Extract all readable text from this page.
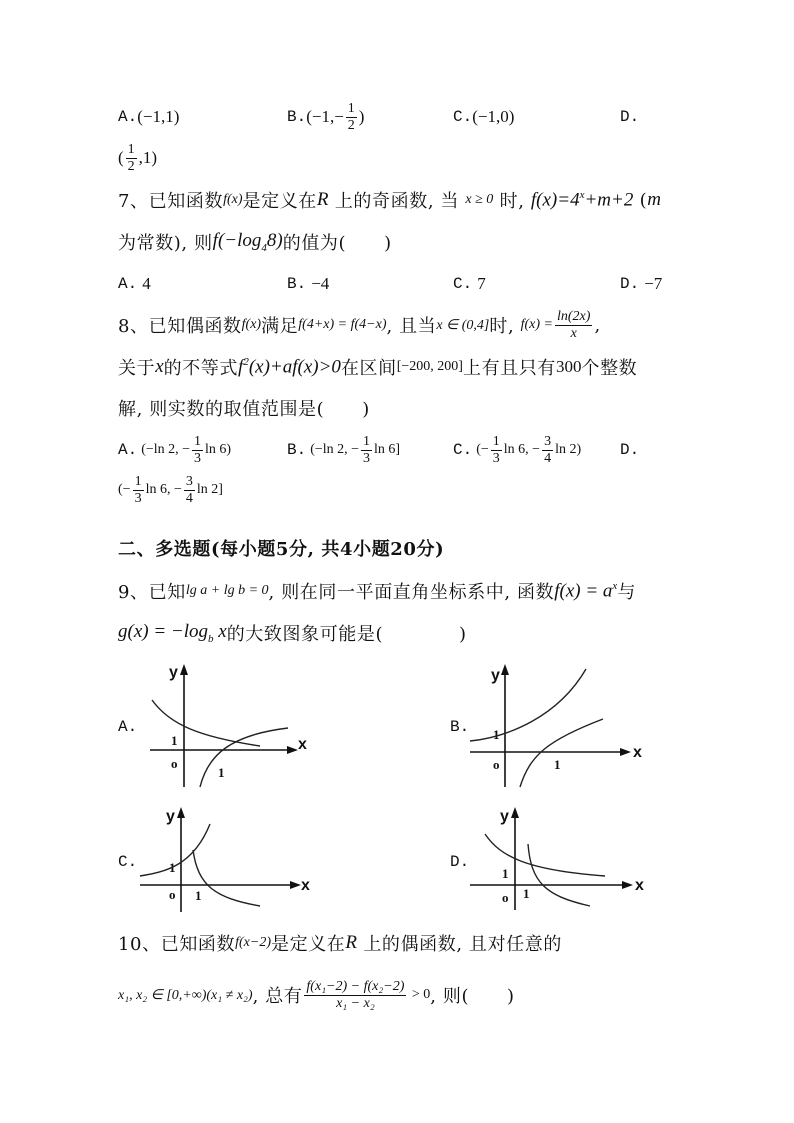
A. (−1,1)	B. ($-1,- \frac{1}{2}$ )	C. (−1,0)	D.
( $\frac{1}{2} ,1$)
7、 已知函数 f(x) 是定义在 R 上的奇函数, 当 x ≥ 0 时, $f(x)=4^x+m+2$ ( m
为常数), 则 $f(-\log_48)$ 的值为(      )
A. 4	B. −4	C. 7	D. −7
8、 已知偶函数 f(x) 满足 f(4+x) = f(4−x) , 且当 x ∈ (0,4] 时, $f(x) = \frac{\ln(2x)}{x}$ ,
关于 x 的不等式 $f^2(x)+af(x)>0$ 在区间 [−200, 200] 上有且只有 300 个整数
解, 则实数的取值范围是(      )
A. (−ln 2, − $\frac{1}{3}$ ln 6)	B. (−ln 2, − $\frac{1}{3}$ ln 6]	C. (− $\frac{1}{3}$ ln 6, − $\frac{3}{4}$ ln 2) D.
(− $\frac{1}{3}$ ln 6, − $\frac{3}{4}$ ln 2]
二、多选题(每小题5分, 共4小题20分)
9、 已知 lg a + lg b = 0 , 则在同一平面直角坐标系中, 函数 $f(x) = a^x$ 与
$g(x) = -\log_b$ x 的大致图象可能是(            )
A.
y
x
1
o
1
B.
y
x
1
o	1
C.
y
x
1
o 1
D.
y
x
1
o 1
10、 已知函数 f(x−2) 是定义在 R 上的偶函数, 且对任意的
x₁, x₂ ∈ [0,+∞)(x₁ ≠ x₂) , 总有 $\frac{\text{f(x₁−2) − f(x₂−2)}}{\text{x₁ − x₂}} > 0$ , 则(      )
